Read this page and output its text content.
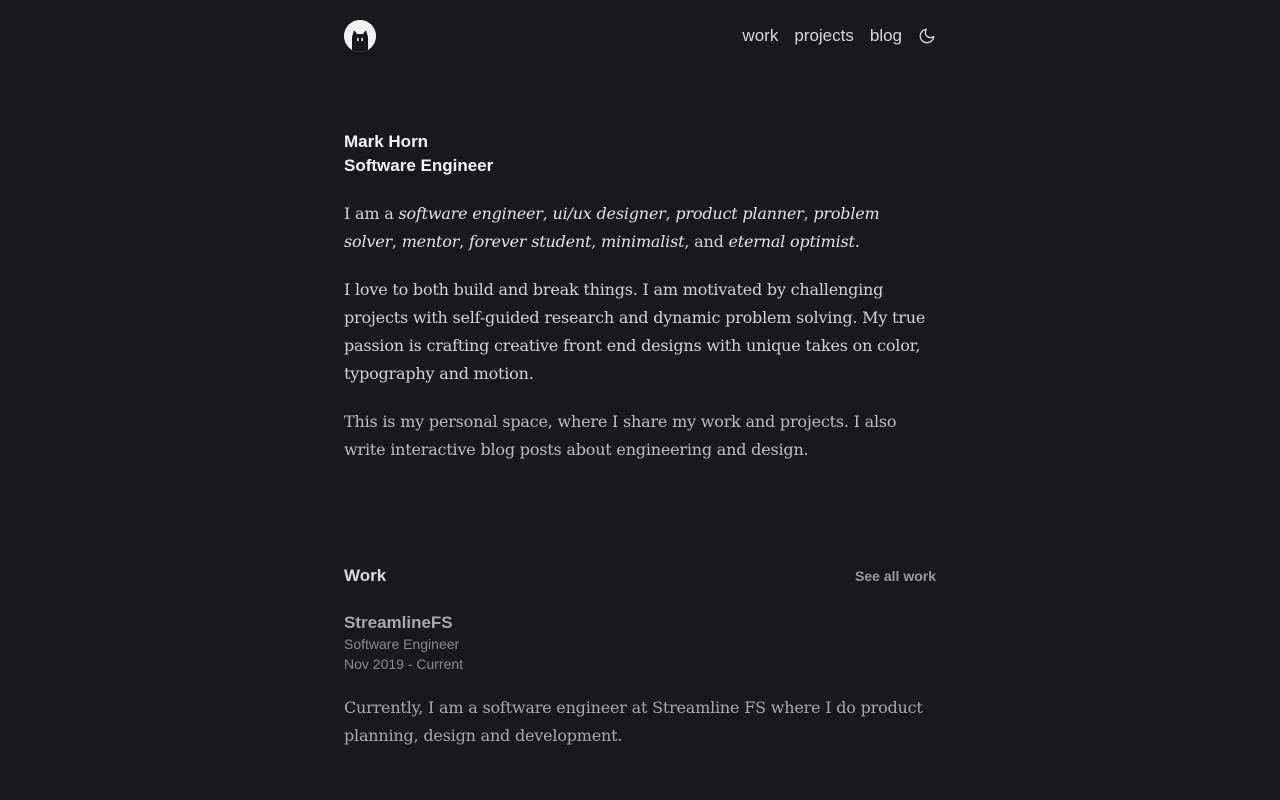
work projects blog
Mark Horn
Software Engineer

I am a software engineer, ui/ux designer, product planner, problem solver, mentor, forever student, minimalist, and eternal optimist.

I love to both build and break things. I am motivated by challenging projects with self-guided research and dynamic problem solving. My true passion is crafting creative front end designs with unique takes on color, typography and motion.

This is my personal space, where I share my work and projects. I also write interactive blog posts about engineering and design.

Work	See all work
StreamlineFS
Software Engineer
Nov 2019 - Current

Currently, I am a software engineer at Streamline FS where I do product planning, design and development.
